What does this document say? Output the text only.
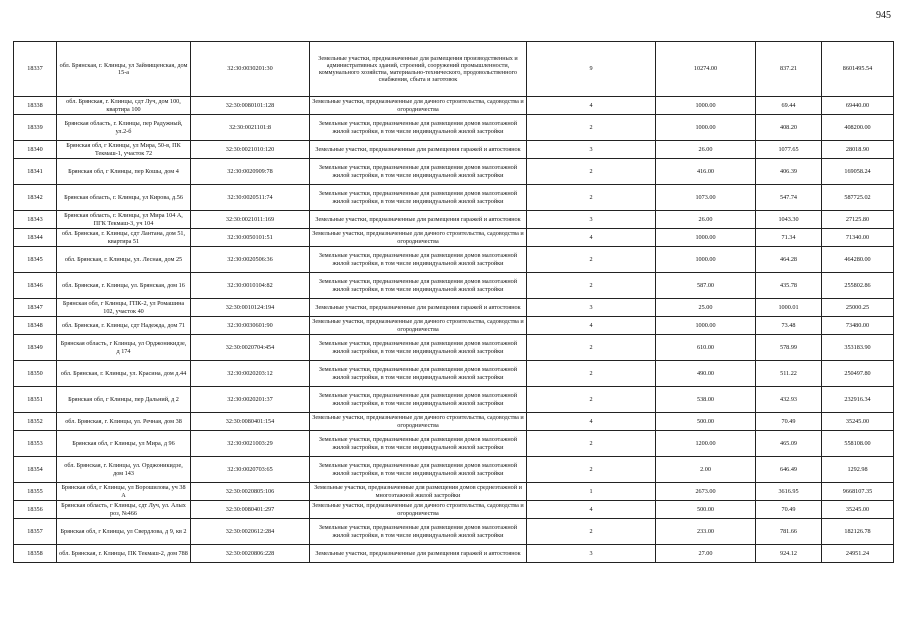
945
18337	обл. Брянская, г. Клинцы, ул Займищенская, дом 15-а	32:30:0030201:30	Земельные участки, предназначенные для размещения производственных и административных зданий, строений, сооружений промышленности, коммунального хозяйства, материально-технического, продовольственного снабжения, сбыта и заготовок	9	10274.00	837.21	8601495.54
18338	обл. Брянская, г. Клинцы, сдт Луч, дом 100, квартира 100	32:30:0080101:128	Земельные участки, предназначенные для дачного строительства, садоводства и огородничества	4	1000.00	69.44	69440.00
18339	Брянская область, г. Клинцы, пер Радужный, ул.2-б	32:30:0021101:8	Земельные участки, предназначенные для размещения домов малоэтажной жилой застройки, в том числе индивидуальной жилой застройки	2	1000.00	408.20	408200.00
18340	Брянская обл, г Клинцы, ул Мира, 50-в, ПК Текмаш-1, участок 72	32:30:0021010:120	Земельные участки, предназначенные для размещения гаражей и автостоянок	3	26.00	1077.65	28018.90
18341	Брянская обл, г Клинцы, пер Кошы, дом 4	32:30:0020909:78	Земельные участки, предназначенные для размещения домов малоэтажной жилой застройки, в том числе индивидуальной жилой застройки	2	416.00	406.39	169058.24
18342	Брянская область, г. Клинцы, ул Кирова, д.56	32:30:0020511:74	Земельные участки, предназначенные для размещения домов малоэтажной жилой застройки, в том числе индивидуальной жилой застройки	2	1073.00	547.74	587725.02
18343	Брянская область, г. Клинцы, ул Мира 104 А, ПГК Текмаш-3, уч 104	32:30:0021011:169	Земельные участки, предназначенные для размещения гаражей и автостоянок	3	26.00	1043.30	27125.80
18344	обл. Брянская, г. Клинцы, сдт Лантана, дом 51, квартира 51	32:30:0050101:51	Земельные участки, предназначенные для дачного строительства, садоводства и огородничества	4	1000.00	71.34	71340.00
18345	обл. Брянская, г. Клинцы, ул. Лесная, дом 25	32:30:0020506:36	Земельные участки, предназначенные для размещения домов малоэтажной жилой застройки, в том числе индивидуальной жилой застройки	2	1000.00	464.28	464280.00
18346	обл. Брянская, г. Клинцы, ул. Брянская, дом 16	32:30:0010104:82	Земельные участки, предназначенные для размещения домов малоэтажной жилой застройки, в том числе индивидуальной жилой застройки	2	587.00	435.78	255802.86
18347	Брянская обл, г Клинцы, ГПК-2, ул Ромашина 102, участок 40	32:30:0010124:194	Земельные участки, предназначенные для размещения гаражей и автостоянок	3	25.00	1000.01	25000.25
18348	обл. Брянская, г. Клинцы, сдт Надежда, дом 71	32:30:0030601:90	Земельные участки, предназначенные для дачного строительства, садоводства и огородничества	4	1000.00	73.48	73480.00
18349	Брянская область, г Клинцы, ул Орджоникидзе, д 174	32:30:0020704:454	Земельные участки, предназначенные для размещения домов малоэтажной жилой застройки, в том числе индивидуальной жилой застройки	2	610.00	578.99	353183.90
18350	обл. Брянская, г. Клинцы, ул. Красина, дом д.44	32:30:0020203:12	Земельные участки, предназначенные для размещения домов малоэтажной жилой застройки, в том числе индивидуальной жилой застройки	2	490.00	511.22	250497.80
18351	Брянская обл, г Клинцы, пер Дальний, д 2	32:30:0020201:37	Земельные участки, предназначенные для размещения домов малоэтажной жилой застройки, в том числе индивидуальной жилой застройки	2	538.00	432.93	232916.34
18352	обл. Брянская, г. Клинцы, ул. Речная, дом 38	32:30:0080401:154	Земельные участки, предназначенные для дачного строительства, садоводства и огородничества	4	500.00	70.49	35245.00
18353	Брянская обл, г Клинцы, ул Мира, д 96	32:30:0021003:29	Земельные участки, предназначенные для размещения домов малоэтажной жилой застройки, в том числе индивидуальной жилой застройки	2	1200.00	465.09	558108.00
18354	обл. Брянская, г. Клинцы, ул. Орджоникидзе, дом 143	32:30:0020703:65	Земельные участки, предназначенные для размещения домов малоэтажной жилой застройки, в том числе индивидуальной жилой застройки	2	2.00	646.49	1292.98
18355	Брянская обл, г Клинцы, ул Ворошилова, уч 38 А	32:30:0020805:106	Земельные участки, предназначенные для размещения домов среднеэтажной и многоэтажной жилой застройки	1	2673.00	3616.95	9668107.35
18356	Брянская область, г Клинцы, сдт Луч, ул. Алых роз, №466	32:30:0080401:297	Земельные участки, предназначенные для дачного строительства, садоводства и огородничества	4	500.00	70.49	35245.00
18357	Брянская обл, г Клинцы, ул Свердлова, д 9, кв 2	32:30:0020612:284	Земельные участки, предназначенные для размещения домов малоэтажной жилой застройки, в том числе индивидуальной жилой застройки	2	233.00	781.66	182126.78
18358	обл. Брянская, г. Клинцы, ПК Текмаш-2, дом 788	32:30:0020806:228	Земельные участки, предназначенные для размещения гаражей и автостоянок	3	27.00	924.12	24951.24
